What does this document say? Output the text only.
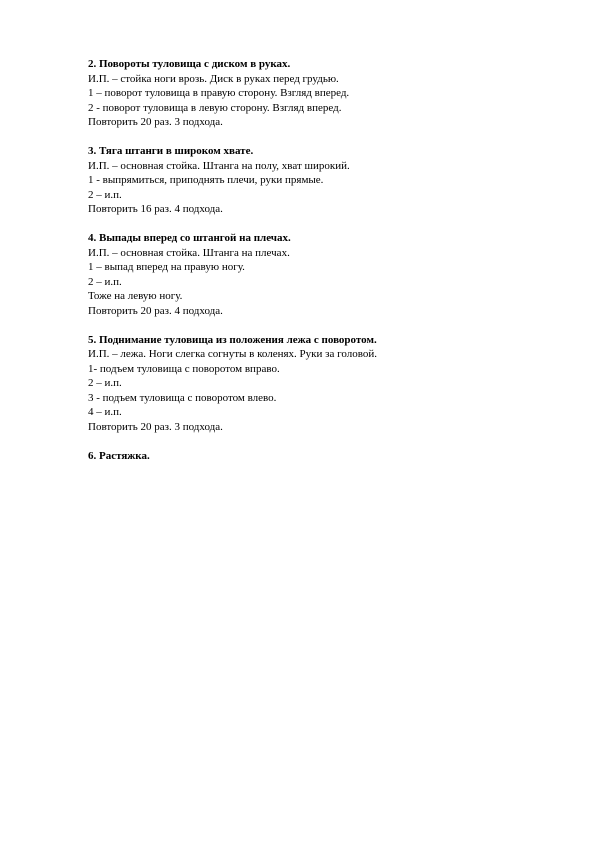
2. Повороты туловища с диском в руках.
И.П. – стойка ноги врозь. Диск в руках перед грудью.
1 – поворот туловища в правую сторону. Взгляд вперед.
2 - поворот туловища в левую сторону. Взгляд вперед.
Повторить 20 раз. 3 подхода.
3. Тяга штанги в широком хвате.
И.П. – основная стойка. Штанга на полу, хват широкий.
1 - выпрямиться, приподнять плечи, руки прямые.
2 – и.п.
Повторить 16 раз. 4 подхода.
4. Выпады вперед со штангой на плечах.
И.П. – основная стойка. Штанга на плечах.
1 – выпад вперед на правую ногу.
2 – и.п.
Тоже на левую ногу.
Повторить 20 раз. 4 подхода.
5. Поднимание туловища из положения лежа с поворотом.
И.П. – лежа. Ноги слегка согнуты в коленях. Руки за головой.
1- подъем туловища с поворотом вправо.
2 – и.п.
3 - подъем туловища с поворотом влево.
4 – и.п.
Повторить 20 раз. 3 подхода.
6. Растяжка.
